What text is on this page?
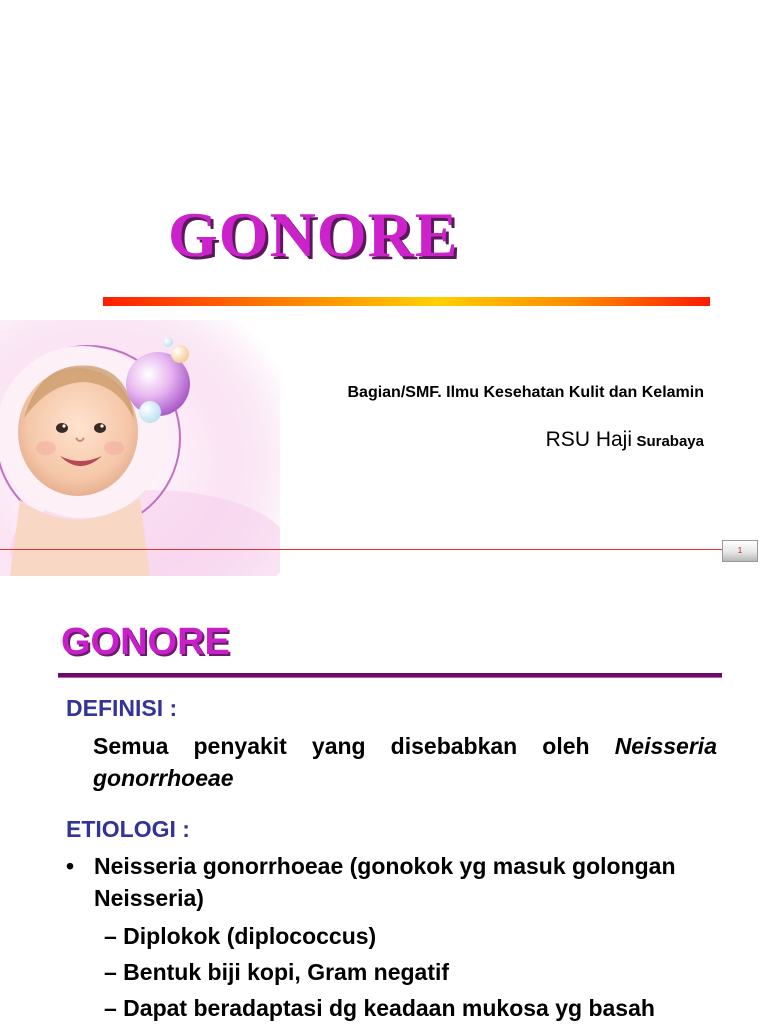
GONORE
Bagian/SMF. Ilmu Kesehatan Kulit dan Kelamin
RSU Haji Surabaya
1
GONORE
DEFINISI :
Semua penyakit yang disebabkan oleh Neisseria gonorrhoeae
ETIOLOGI :
• Neisseria gonorrhoeae (gonokok yg masuk golongan Neisseria)
– Diplokok (diplococcus)
– Bentuk biji kopi, Gram negatif
– Dapat beradaptasi dg keadaan mukosa yg basah
